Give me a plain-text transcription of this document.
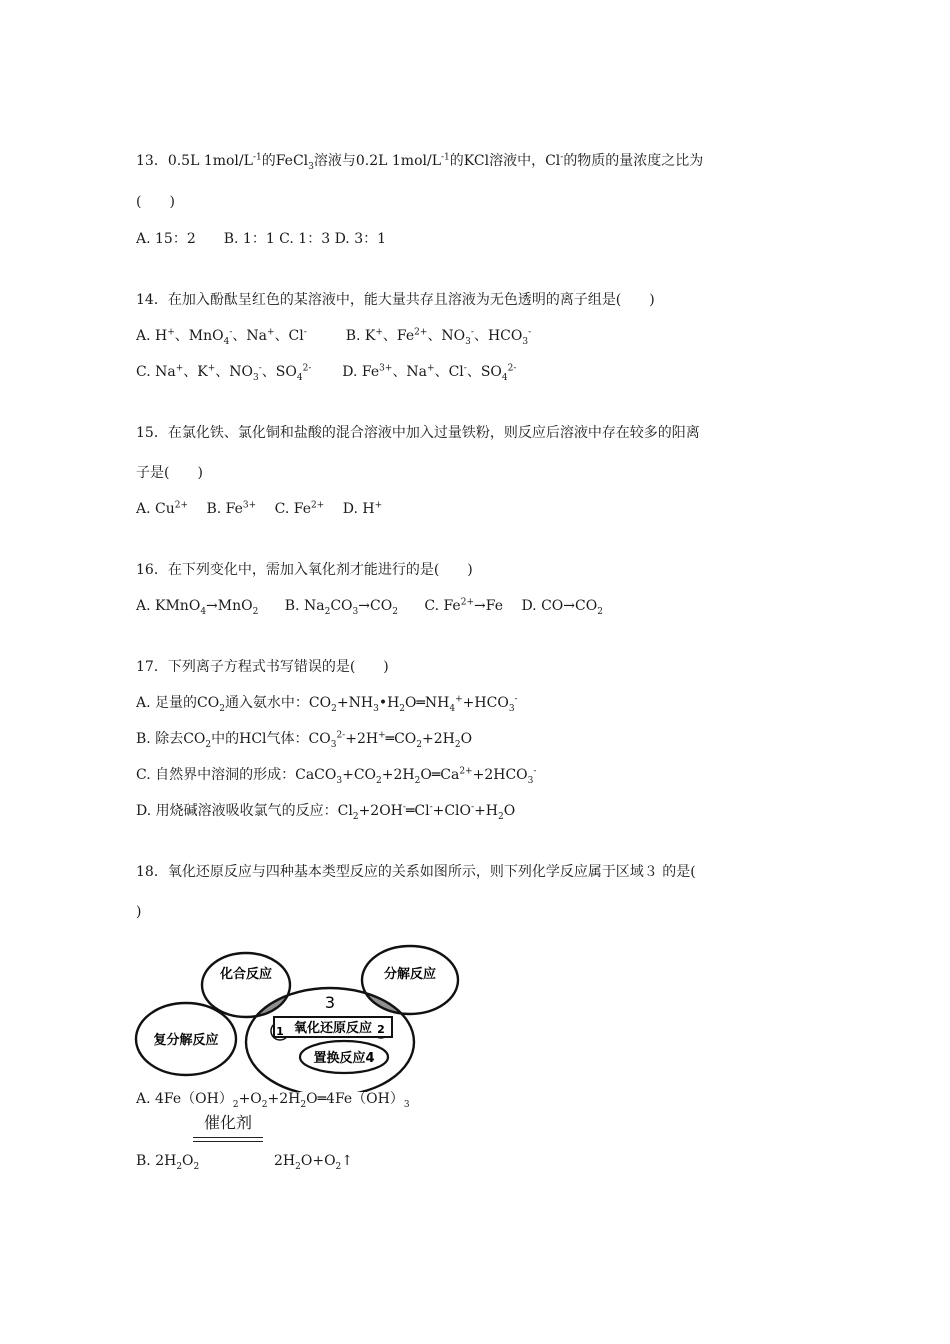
13．0.5L $1mol/L^{-1}$的FeCl$_3$溶液与0.2L $1mol/L^{-1}$的KCl溶液中，Cl-的物质的量浓度之比为
(　　)
A. 15：2　　B. 1：1 C. 1：3 D. 3：1
14．在加入酚酞呈红色的某溶液中，能大量共存且溶液为无色透明的离子组是(　　)
A. H+、MnO$_4$-、Na+、Cl-	B. K+、$Fe^{2+}$、$NO_3^-$、$HCO_3^-$
C. Na+、K+、$NO_3^-$、$SO_4^{2-}$ D. $Fe^{3+}$、Na+、Cl-、$SO_4^{2-}$
15．在氯化铁、氯化铜和盐酸的混合溶液中加入过量铁粉，则反应后溶液中存在较多的阳离
子是(　　)
A. $Cu^{2+}$ B. $Fe^{3+}$ C. $Fe^{2+}$ D. H+
16．在下列变化中，需加入氧化剂才能进行的是(　　)
A. KMnO$_4$→MnO$_2$ B. $Na_2CO_3\to CO_2$ C. $Fe^{2+}\to Fe$ D. $CO\to CO_2$
17．下列离子方程式书写错误的是(　　)
A. 足量的$CO_2$通入氨水中：$CO_2+NH_3•H_2O═NH_4^++HCO_3^-$
B. 除去$CO_2$中的HCl气体：$CO_3^{2-}+2H^+═CO_2+2H_2O$
C. 自然界中溶洞的形成：$CaCO_3+CO_2+2H_2O═Ca^{2+}+2HCO_3^-$
D. 用烧碱溶液吸收氯气的反应：$Cl_2+2OH^-═Cl^-+ClO^-+H_2O$
18．氧化还原反应与四种基本类型反应的关系如图所示，则下列化学反应属于区域３ 的是(
)
化合反应	分解反应
复分解反应
氧化还原反应
置换反应4
1	2
3
A. $4Fe(OH)_2+O_2+2H_2O═4Fe(OH)_3$
催化剂
B. $2H_2O_2$	$2H_2O+O_2↑$
